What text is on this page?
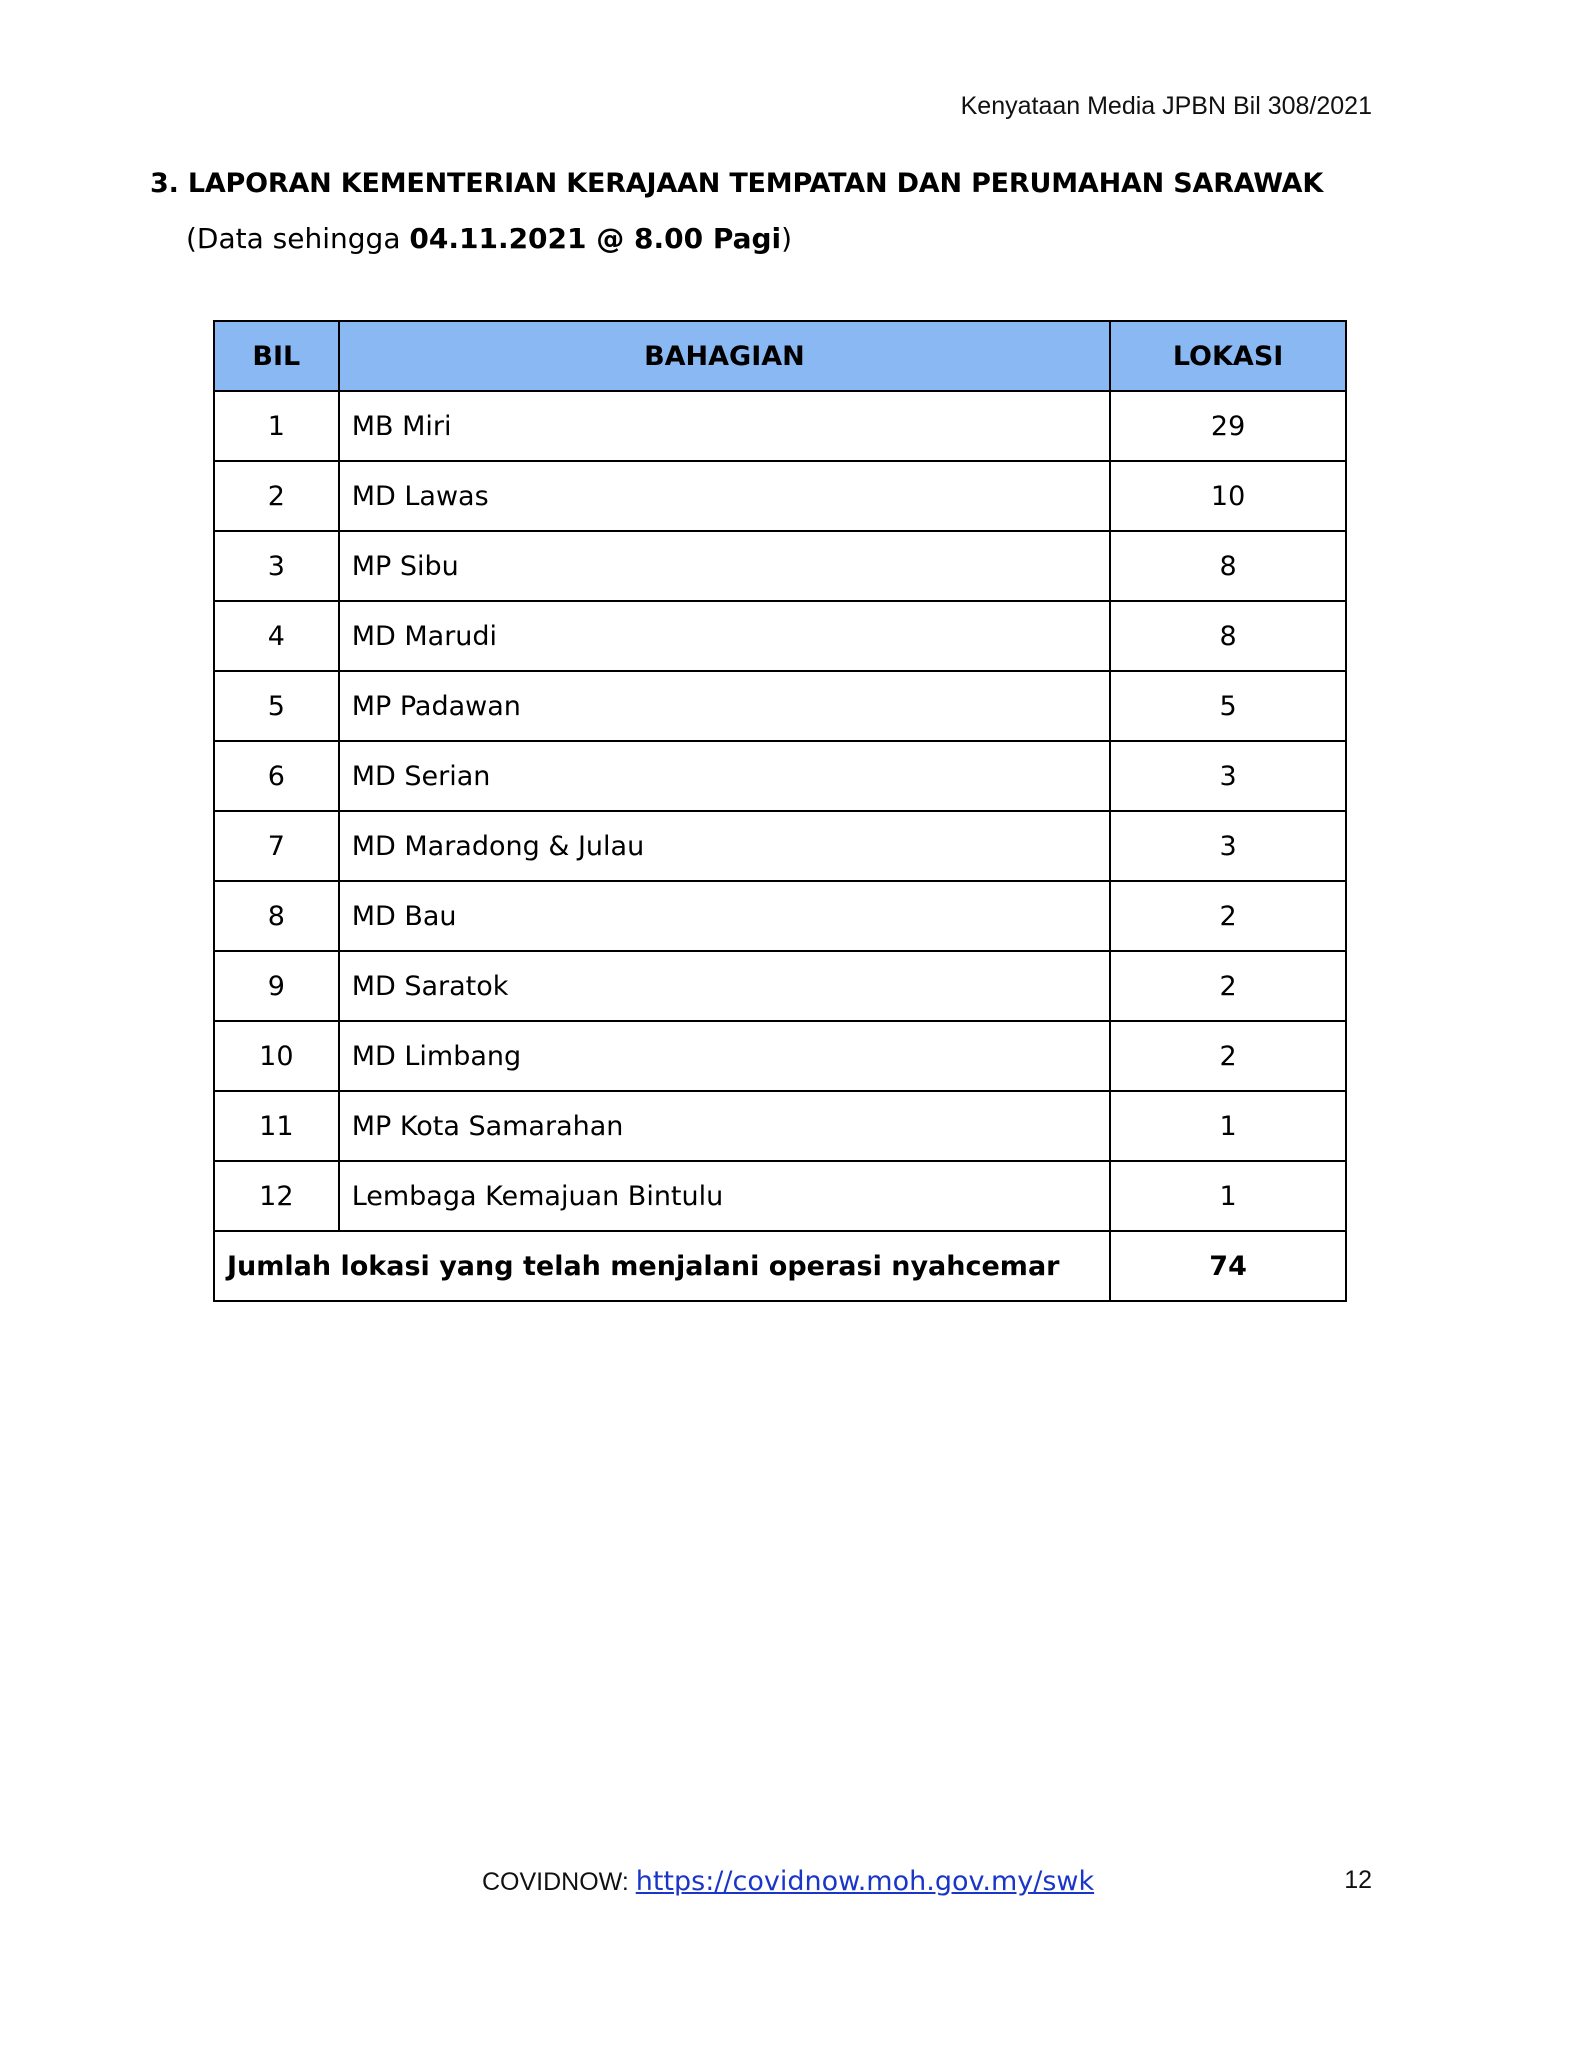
Kenyataan Media JPBN Bil 308/2021
3. LAPORAN KEMENTERIAN KERAJAAN TEMPATAN DAN PERUMAHAN SARAWAK
(Data sehingga 04.11.2021 @ 8.00 Pagi)
BIL	BAHAGIAN	LOKASI
1	MB Miri	29
2	MD Lawas	10
3	MP Sibu	8
4	MD Marudi	8
5	MP Padawan	5
6	MD Serian	3
7	MD Maradong & Julau	3
8	MD Bau	2
9	MD Saratok	2
10	MD Limbang	2
11	MP Kota Samarahan	1
12	Lembaga Kemajuan Bintulu	1
Jumlah lokasi yang telah menjalani operasi nyahcemar		74
COVIDNOW: https://covidnow.moh.gov.my/swk	12
